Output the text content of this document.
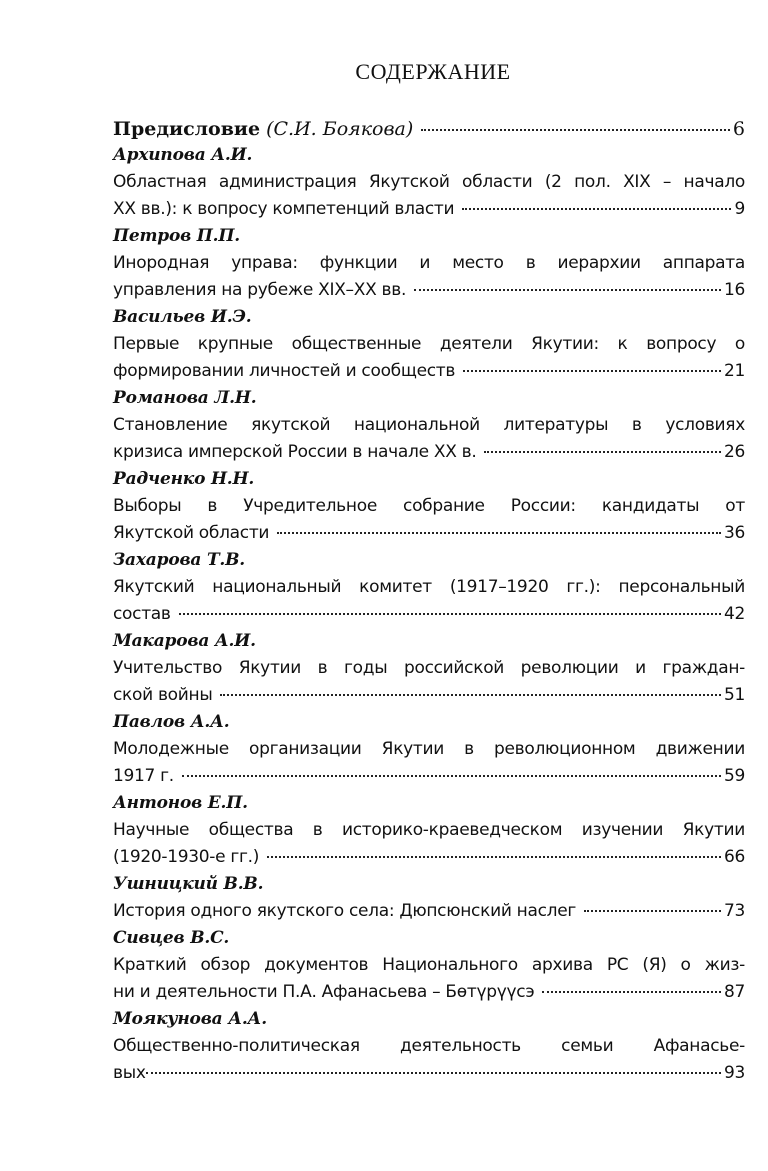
СОДЕРЖАНИЕ
Предисловие (С.И. Боякова)	6
Архипова А.И.
Областная администрация Якутской области (2 пол. XIX – начало
XX вв.): к вопросу компетенций власти	9
Петров П.П.
Инородная управа: функции и место в иерархии аппарата
управления на рубеже XIX–XX вв.	16
Васильев И.Э.
Первые крупные общественные деятели Якутии: к вопросу о
формировании личностей и сообществ	21
Романова Л.Н.
Становление якутской национальной литературы в условиях
кризиса имперской России в начале XX в.	26
Радченко Н.Н.
Выборы в Учредительное собрание России: кандидаты от
Якутской области	36
Захарова Т.В.
Якутский национальный комитет (1917–1920 гг.): персональный
состав	42
Макарова А.И.
Учительство Якутии в годы российской революции и граждан-
ской войны	51
Павлов А.А.
Молодежные организации Якутии в революционном движении
1917 г.	59
Антонов Е.П.
Научные общества в историко-краеведческом изучении Якутии
(1920-1930-е гг.)	66
Ушницкий В.В.
История одного якутского села: Дюпсюнский наслег	73
Сивцев В.С.
Краткий обзор документов Национального архива РС (Я) о жиз-
ни и деятельности П.А. Афанасьева – Бөтүрүүсэ	87
Моякунова А.А.
Общественно-политическая деятельность семьи Афанасье-
вых	93
